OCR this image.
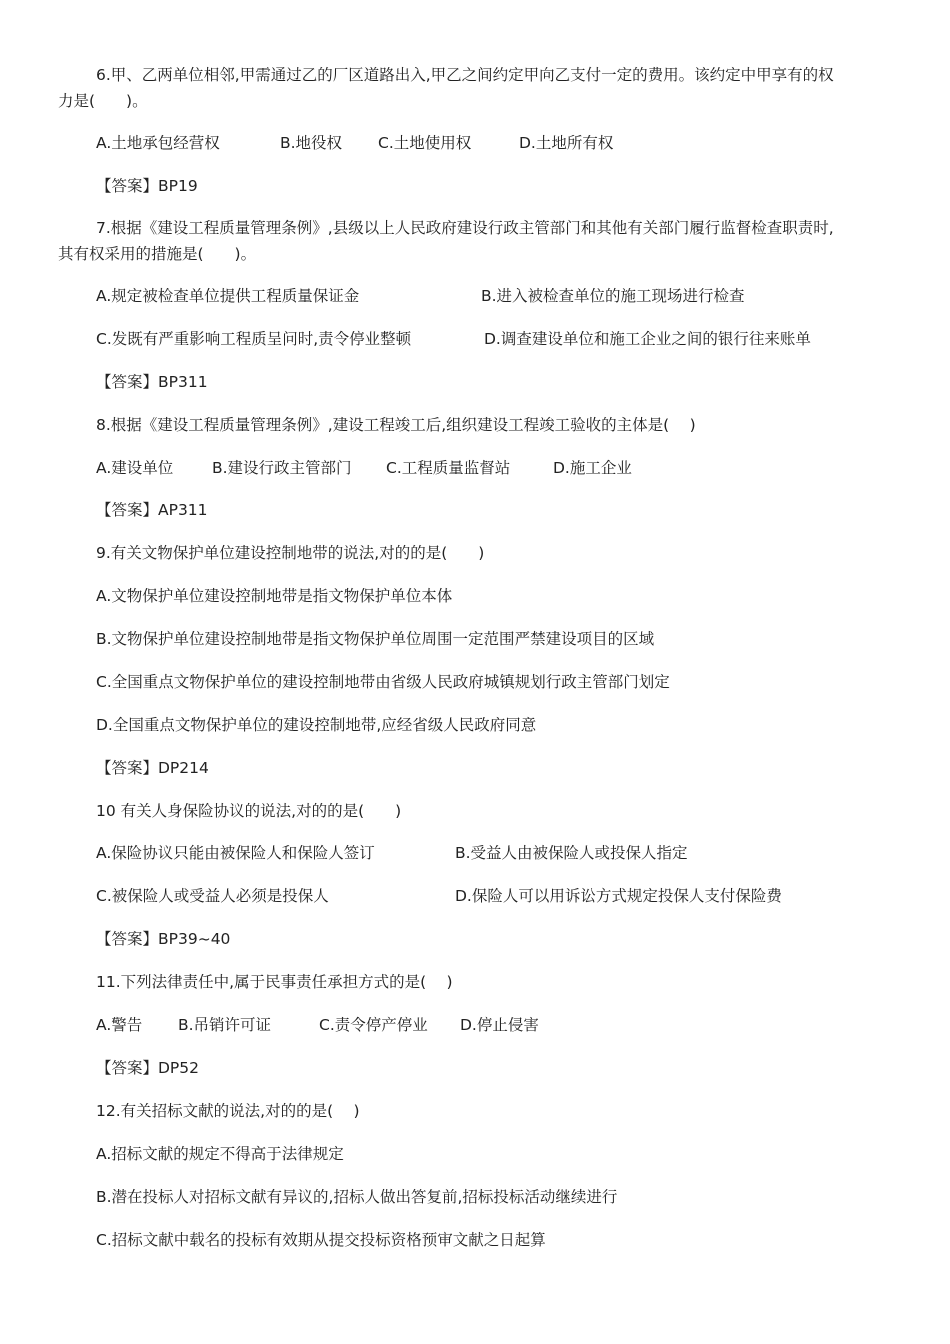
6.甲、乙两单位相邻,甲需通过乙的厂区道路出入,甲乙之间约定甲向乙支付一定的费用。该约定中甲享有的权
力是(　　)。
A.土地承包经营权	B.地役权 C.土地使用权	D.土地所有权
【答案】BP19
7.根据《建设工程质量管理条例》,县级以上人民政府建设行政主管部门和其他有关部门履行监督检查职责时,
其有权采用的措施是(　　)。
A.规定被检查单位提供工程质量保证金	B.进入被检查单位的施工现场进行检查
C.发既有严重影响工程质呈问时,责令停业整顿	D.调查建设单位和施工企业之间的银行往来账单
【答案】BP311
8.根据《建设工程质量管理条例》,建设工程竣工后,组织建设工程竣工验收的主体是(　 )
A.建设单位 B.建设行政主管部门 C.工程质量监督站	D.施工企业
【答案】AP311
9.有关文物保护单位建设控制地带的说法,对的的是(　　)
A.文物保护单位建设控制地带是指文物保护单位本体
B.文物保护单位建设控制地带是指文物保护单位周围一定范围严禁建设项目的区域
C.全国重点文物保护单位的建设控制地带由省级人民政府城镇规划行政主管部门划定
D.全国重点文物保护单位的建设控制地带,应经省级人民政府同意
【答案】DP214
10 有关人身保险协议的说法,对的的是(　　)
A.保险协议只能由被保险人和保险人签订	B.受益人由被保险人或投保人指定
C.被保险人或受益人必须是投保人	D.保险人可以用诉讼方式规定投保人支付保险费
【答案】BP39~40
11.下列法律责任中,属于民事责任承担方式的是(　 )
A.警告 B.吊销许可证	C.责令停产停业 D.停止侵害
【答案】DP52
12.有关招标文献的说法,对的的是(　 )
A.招标文献的规定不得高于法律规定
B.潜在投标人对招标文献有异议的,招标人做出答复前,招标投标活动继续进行
C.招标文献中载名的投标有效期从提交投标资格预审文献之日起算
